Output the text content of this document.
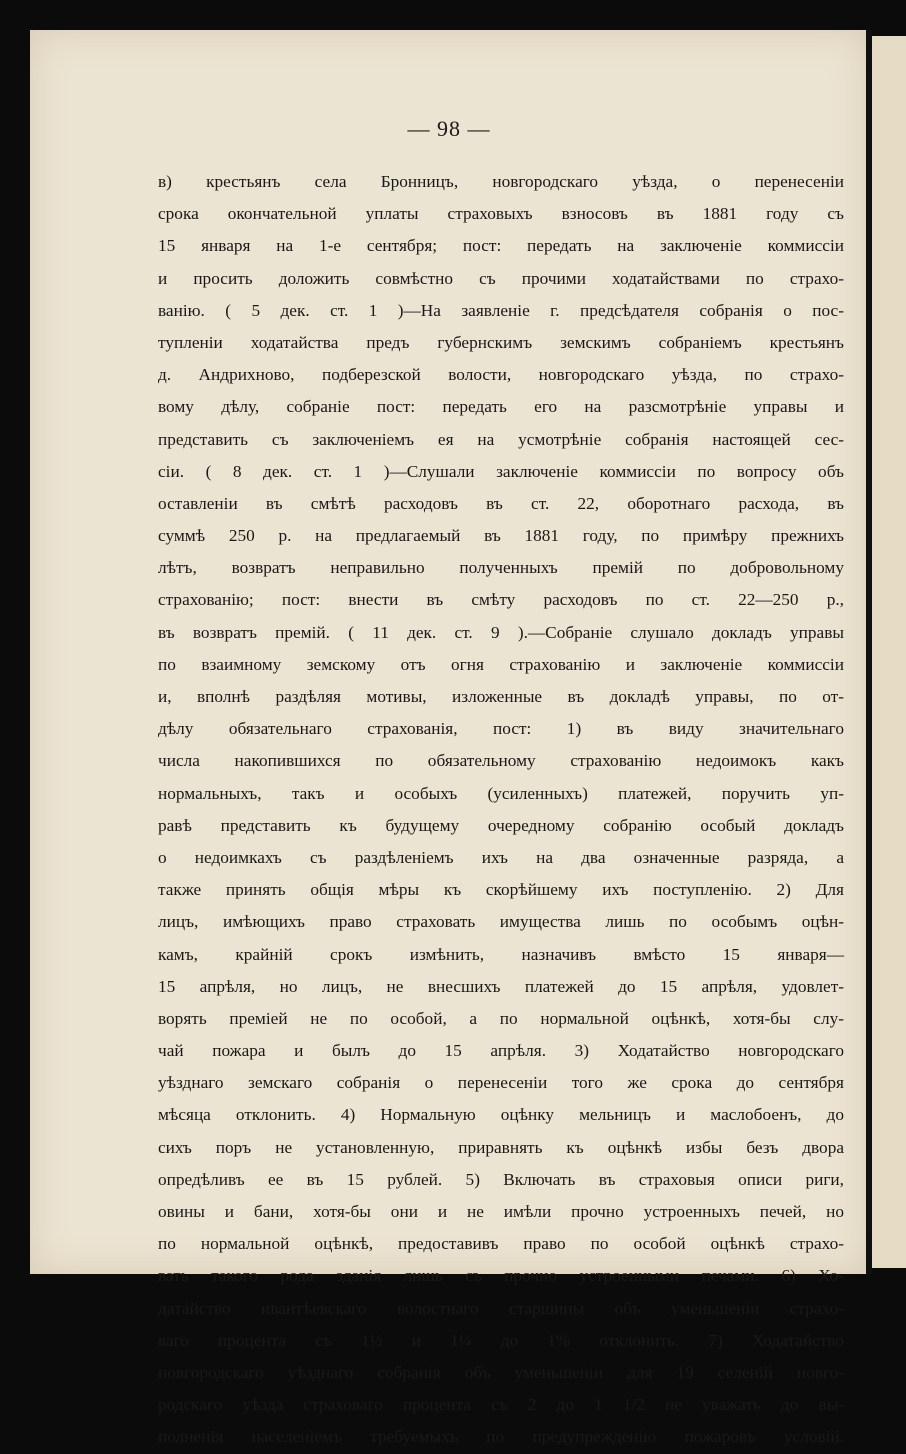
— 98 —

в) крестьянъ села Бронницъ, новгородскаго уѣзда, о перенесеніи
срока окончательной уплаты страховыхъ взносовъ въ 1881 году съ
15 января на 1-е сентября; пост: передать на заключеніе коммиссіи
и просить доложить совмѣстно съ прочими ходатайствами по страхо-
ванію. ( 5 дек. ст. 1 )—На заявленіе г. предсѣдателя собранія о пос-
тупленіи ходатайства предъ губернскимъ земскимъ собраніемъ крестьянъ
д. Андрихново, подберезской волости, новгородскаго уѣзда, по страхо-
вому дѣлу, собраніе пост: передать его на разсмотрѣніе управы и
представить съ заключеніемъ ея на усмотрѣніе собранія настоящей сес-
сіи. ( 8 дек. ст. 1 )—Слушали заключеніе коммиссіи по вопросу объ
оставленіи въ смѣтѣ расходовъ въ ст. 22, оборотнаго расхода, въ
суммѣ 250 р. на предлагаемый въ 1881 году, по примѣру прежнихъ
лѣтъ, возвратъ неправильно полученныхъ премій по добровольному
страхованію; пост: внести въ смѣту расходовъ по ст. 22—250 р.,
въ возвратъ премій. ( 11 дек. ст. 9 ).—Собраніе слушало докладъ управы
по взаимному земскому отъ огня страхованію и заключеніе коммиссіи
и, вполнѣ раздѣляя мотивы, изложенные въ докладѣ управы, по от-
дѣлу обязательнаго страхованія, пост: 1) въ виду значительнаго
числа накопившихся по обязательному страхованію недоимокъ какъ
нормальныхъ, такъ и особыхъ (усиленныхъ) платежей, поручить уп-
равѣ представить къ будущему очередному собранію особый докладъ
о недоимкахъ съ раздѣленіемъ ихъ на два означенные разряда, а
также принять общія мѣры къ скорѣйшему ихъ поступленію. 2) Для
лицъ, имѣющихъ право страховать имущества лишь по особымъ оцѣн-
камъ, крайній срокъ измѣнить, назначивъ вмѣсто 15 января—
15 апрѣля, но лицъ, не внесшихъ платежей до 15 апрѣля, удовлет-
ворять преміей не по особой, а по нормальной оцѣнкѣ, хотя-бы слу-
чай пожара и былъ до 15 апрѣля. 3) Ходатайство новгородскаго
уѣзднаго земскаго собранія о перенесеніи того же срока до сентября
мѣсяца отклонить. 4) Нормальную оцѣнку мельницъ и маслобоенъ, до
сихъ поръ не установленную, приравнять къ оцѣнкѣ избы безъ двора
опредѣливъ ее въ 15 рублей. 5) Включать въ страховыя описи риги,
овины и бани, хотя-бы они и не имѣли прочно устроенныхъ печей, но
по нормальной оцѣнкѣ, предоставивъ право по особой оцѣнкѣ страхо-
вать такого рода зданія лишь съ прочно устроенными печами. 6) Хо-
датайство ивантѣевскаго волостнаго старшины объ уменьшеніи страхо-
ваго процента съ 1½ и 1¼ до 1% отклонить. 7) Ходатайство
новгородскаго уѣзднаго собранія объ уменьшеніи для 19 селеній новго-
родскаго уѣзда страховаго процента съ 2 до 1 1/2 не уважать до вы-
полненія населеніемъ требуемыхъ по предупрежденію пожаровъ условій.
